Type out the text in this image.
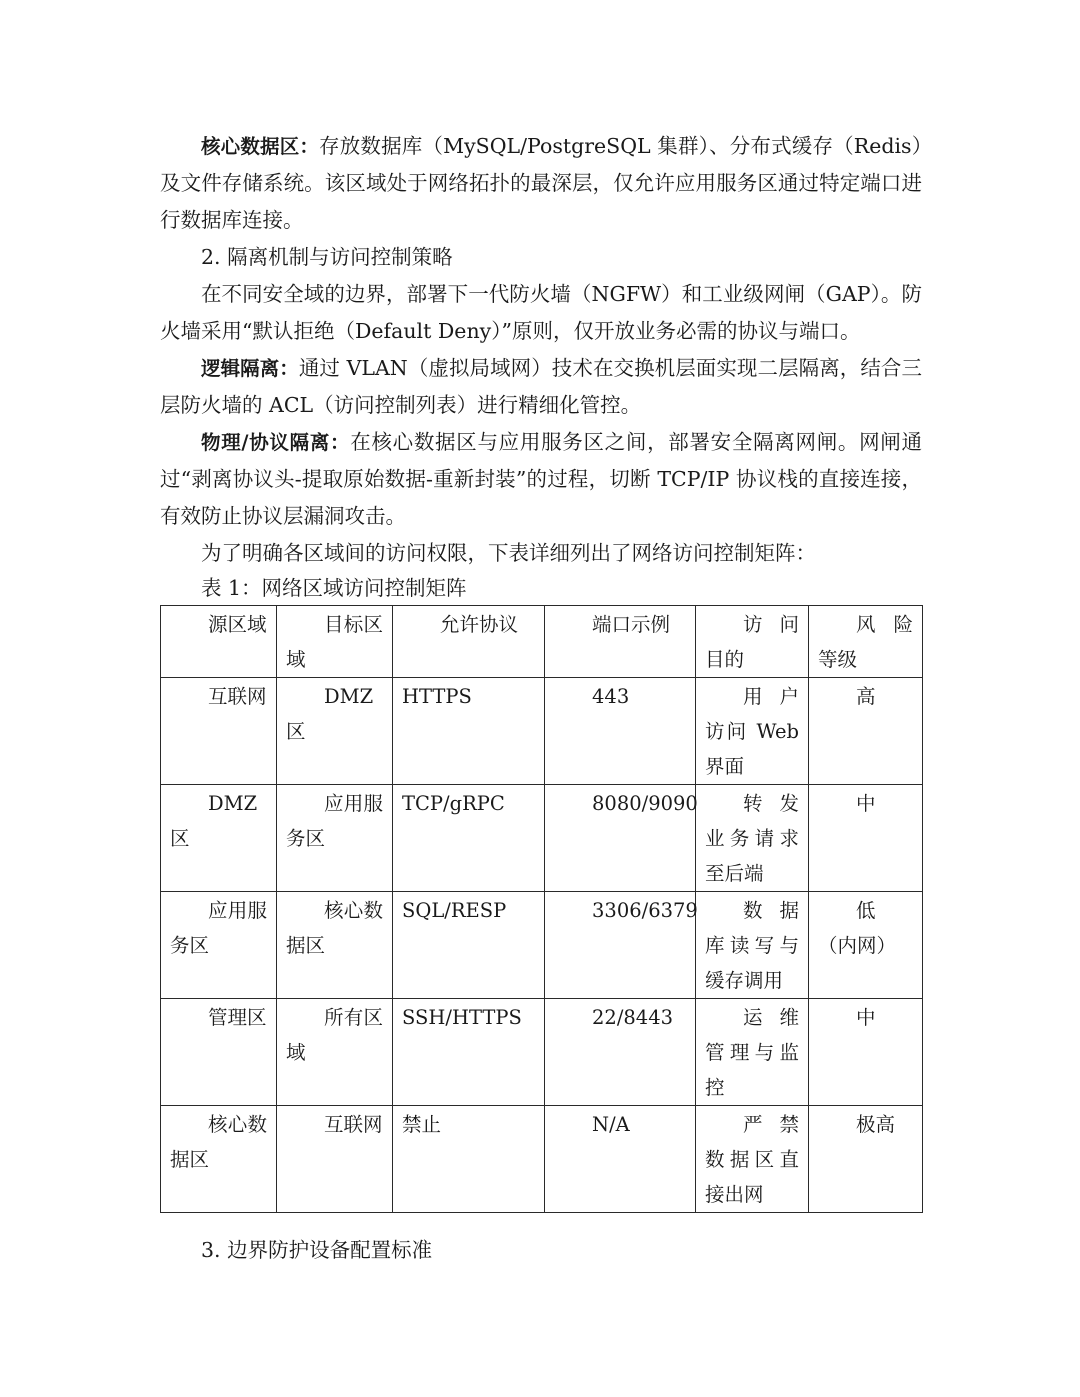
核心数据区：存放数据库（MySQL/PostgreSQL 集群）、分布式缓存（Redis）及文件存储系统。该区域处于网络拓扑的最深层，仅允许应用服务区通过特定端口进行数据库连接。

2. 隔离机制与访问控制策略

在不同安全域的边界，部署下一代防火墙（NGFW）和工业级网闸（GAP）。防火墙采用“默认拒绝（Default Deny）”原则，仅开放业务必需的协议与端口。

逻辑隔离：通过 VLAN（虚拟局域网）技术在交换机层面实现二层隔离，结合三层防火墙的 ACL（访问控制列表）进行精细化管控。

物理/协议隔离：在核心数据区与应用服务区之间，部署安全隔离网闸。网闸通过“剥离协议头-提取原始数据-重新封装”的过程，切断 TCP/IP 协议栈的直接连接，有效防止协议层漏洞攻击。

为了明确各区域间的访问权限，下表详细列出了网络访问控制矩阵：

表 1：网络区域访问控制矩阵
源区域	目标区域	允许协议	端口示例	访问目的	风险等级

互联网	DMZ 区	HTTPS	443	用户访问 Web 界面	高

DMZ 区	应用服务区	TCP/gRPC	8080/9090	转发业务请求至后端	中

应用服务区	核心数据区	SQL/RESP	3306/6379	数据库读写与缓存调用	低（内网）

管理区	所有区域	SSH/HTTPS	22/8443	运维管理与监控	中

核心数据区	互联网	禁止	N/A	严禁数据区直接出网	极高
3. 边界防护设备配置标准
